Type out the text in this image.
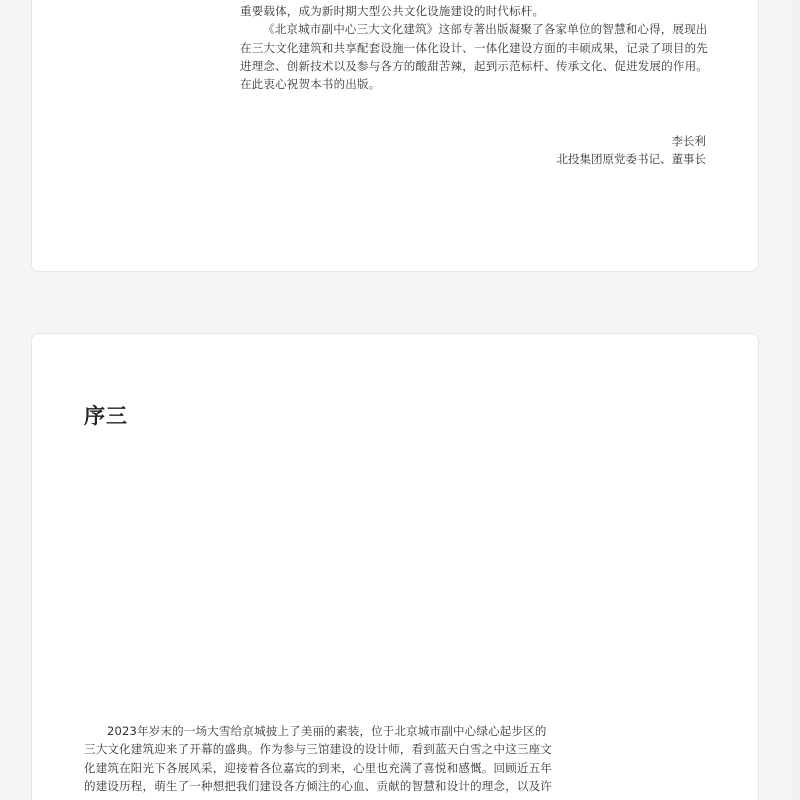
重要载体，成为新时期大型公共文化设施建设的时代标杆。
《北京城市副中心三大文化建筑》这部专著出版凝聚了各家单位的智慧和心得，展现出
在三大文化建筑和共享配套设施一体化设计、一体化建设方面的丰硕成果，记录了项目的先
进理念、创新技术以及参与各方的酸甜苦辣，起到示范标杆、传承文化、促进发展的作用。
在此衷心祝贺本书的出版。
李长利
北投集团原党委书记、董事长
序三
2023年岁末的一场大雪给京城披上了美丽的素装，位于北京城市副中心绿心起步区的
三大文化建筑迎来了开幕的盛典。作为参与三馆建设的设计师，看到蓝天白雪之中这三座文
化建筑在阳光下各展风采，迎接着各位嘉宾的到来，心里也充满了喜悦和感慨。回顾近五年
的建设历程，萌生了一种想把我们建设各方倾注的心血、贡献的智慧和设计的理念，以及许
